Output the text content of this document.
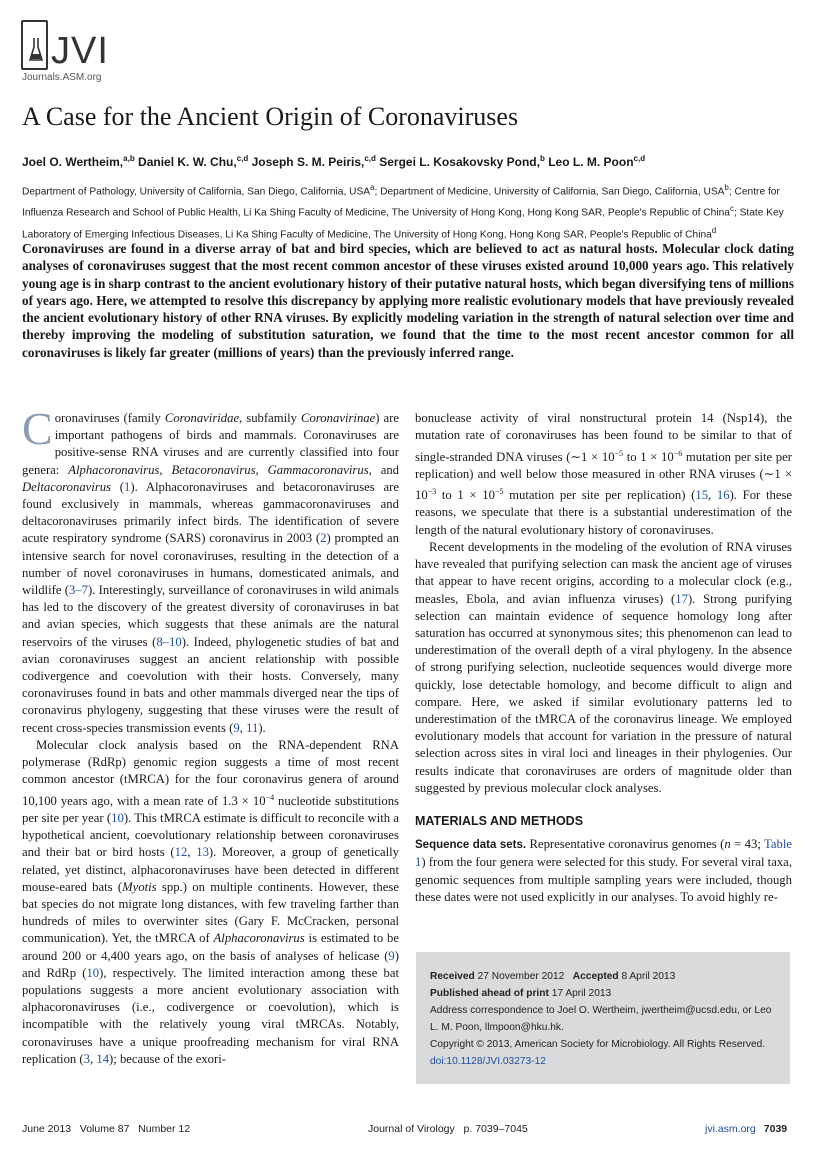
JVI
Journals.ASM.org
A Case for the Ancient Origin of Coronaviruses
Joel O. Wertheim,$^{a,b}$ Daniel K. W. Chu,$^{c,d}$ Joseph S. M. Peiris,$^{c,d}$ Sergei L. Kosakovsky Pond,$^b$ Leo L. M. Poon$^{c,d}$
Department of Pathology, University of California, San Diego, California, USA$^a$; Department of Medicine, University of California, San Diego, California, USA$^b$; Centre for Influenza Research and School of Public Health, Li Ka Shing Faculty of Medicine, The University of Hong Kong, Hong Kong SAR, People's Republic of China$^c$; State Key Laboratory of Emerging Infectious Diseases, Li Ka Shing Faculty of Medicine, The University of Hong Kong, Hong Kong SAR, People's Republic of China$^d$
Coronaviruses are found in a diverse array of bat and bird species, which are believed to act as natural hosts. Molecular clock dating analyses of coronaviruses suggest that the most recent common ancestor of these viruses existed around 10,000 years ago. This relatively young age is in sharp contrast to the ancient evolutionary history of their putative natural hosts, which began diversifying tens of millions of years ago. Here, we attempted to resolve this discrepancy by applying more realistic evolutionary models that have previously revealed the ancient evolutionary history of other RNA viruses. By explicitly modeling variation in the strength of natural selection over time and thereby improving the modeling of substitution saturation, we found that the time to the most recent ancestor common for all coronaviruses is likely far greater (millions of years) than the previously inferred range.

Coronaviruses (family Coronaviridae, subfamily Coronavirinae) are important pathogens of birds and mammals. Coronaviruses are positive-sense RNA viruses and are currently classified into four genera: Alphacoronavirus, Betacoronavirus, Gammacoronavirus, and Deltacoronavirus (1). Alphacoronaviruses and betacoronaviruses are found exclusively in mammals, whereas gammacoronaviruses and deltacoronaviruses primarily infect birds. The identification of severe acute respiratory syndrome (SARS) coronavirus in 2003 (2) prompted an intensive search for novel coronaviruses, resulting in the detection of a number of novel coronaviruses in humans, domesticated animals, and wildlife (3–7). Interestingly, surveillance of coronaviruses in wild animals has led to the discovery of the greatest diversity of coronaviruses in bat and avian species, which suggests that these animals are the natural reservoirs of the viruses (8–10). Indeed, phylogenetic studies of bat and avian coronaviruses suggest an ancient relationship with possible codivergence and coevolution with their hosts. Conversely, many coronaviruses found in bats and other mammals diverged near the tips of coronavirus phylogeny, suggesting that these viruses were the result of recent cross-species transmission events (9, 11).

Molecular clock analysis based on the RNA-dependent RNA polymerase (RdRp) genomic region suggests a time of most recent common ancestor (tMRCA) for the four coronavirus genera of around 10,100 years ago, with a mean rate of $1.3 \times 10^{-4}$ nucleotide substitutions per site per year (10). This tMRCA estimate is difficult to reconcile with a hypothetical ancient, coevolutionary relationship between coronaviruses and their bat or bird hosts (12, 13). Moreover, a group of genetically related, yet distinct, alphacoronaviruses have been detected in different mouse-eared bats (Myotis spp.) on multiple continents. However, these bat species do not migrate long distances, with few traveling farther than hundreds of miles to overwinter sites (Gary F. McCracken, personal communication). Yet, the tMRCA of Alphacoronavirus is estimated to be around 200 or 4,400 years ago, on the basis of analyses of helicase (9) and RdRp (10), respectively. The limited interaction among these bat populations suggests a more ancient evolutionary association with alphacoronaviruses (i.e., codivergence or coevolution), which is incompatible with the relatively young viral tMRCAs. Notably, coronaviruses have a unique proofreading mechanism for viral RNA replication (3, 14); because of the exori-

bonuclease activity of viral nonstructural protein 14 (Nsp14), the mutation rate of coronaviruses has been found to be similar to that of single-stranded DNA viruses (∼1 × $10^{-5}$ to $1 \times 10^{-6}$ mutation per site per replication) and well below those measured in other RNA viruses (∼1 × $10^{-3}$ to $1 \times 10^{-5}$ mutation per site per replication) (15, 16). For these reasons, we speculate that there is a substantial underestimation of the length of the natural evolutionary history of coronaviruses.

Recent developments in the modeling of the evolution of RNA viruses have revealed that purifying selection can mask the ancient age of viruses that appear to have recent origins, according to a molecular clock (e.g., measles, Ebola, and avian influenza viruses) (17). Strong purifying selection can maintain evidence of sequence homology long after saturation has occurred at synonymous sites; this phenomenon can lead to underestimation of the overall depth of a viral phylogeny. In the absence of strong purifying selection, nucleotide sequences would diverge more quickly, lose detectable homology, and become difficult to align and compare. Here, we asked if similar evolutionary patterns led to underestimation of the tMRCA of the coronavirus lineage. We employed evolutionary models that account for variation in the pressure of natural selection across sites in viral loci and lineages in their phylogenies. Our results indicate that coronaviruses are orders of magnitude older than suggested by previous molecular clock analyses.

MATERIALS AND METHODS

Sequence data sets. Representative coronavirus genomes (n = 43; Table 1) from the four genera were selected for this study. For several viral taxa, genomic sequences from multiple sampling years were included, though these dates were not used explicitly in our analyses. To avoid highly re-

Received 27 November 2012 Accepted 8 April 2013
Published ahead of print 17 April 2013
Address correspondence to Joel O. Wertheim, jwertheim@ucsd.edu, or Leo L. M. Poon, llmpoon@hku.hk.
Copyright © 2013, American Society for Microbiology. All Rights Reserved.
doi:10.1128/JVI.03273-12
June 2013   Volume 87   Number 12	Journal of Virology   p. 7039–7045	jvi.asm.org 7039
